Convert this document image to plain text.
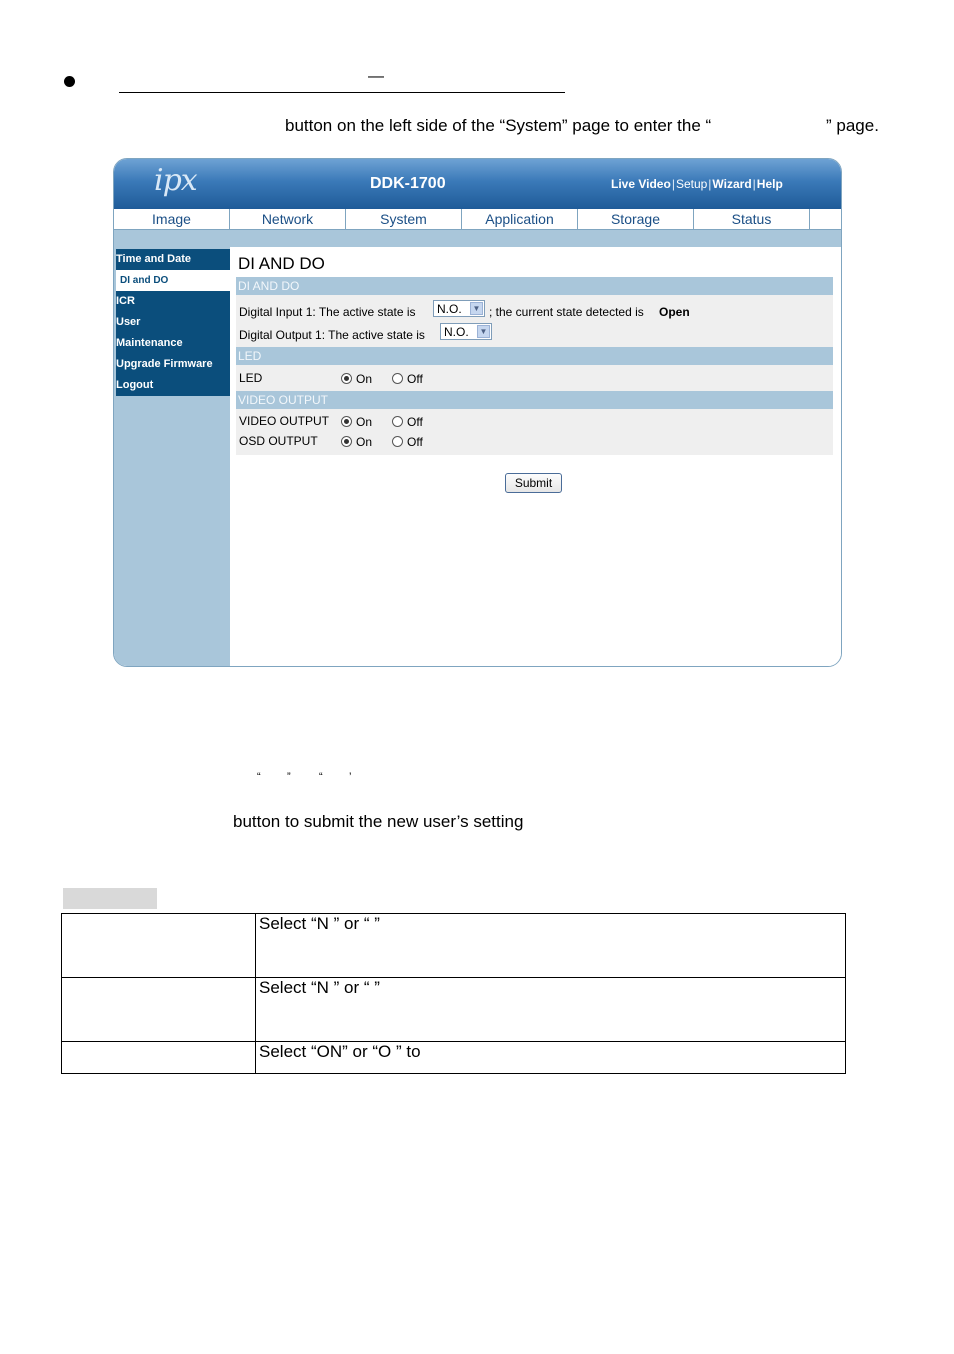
—
button on the left side of the “System” page to enter the “	” page.
ipx	DDK-1700	Live Video|Setup|Wizard|Help
Image	Network	System	Application	Storage	Status
Time and Date
DI and DO
ICR
User
Maintenance
Upgrade Firmware
Logout
DI AND DO
DI AND DO
Digital Input 1: The active state is	N.O.	▼ ; the current state detected is Open
Digital Output 1: The active state is	N.O.	▼
LED
LED	On	Off
VIDEO OUTPUT
VIDEO OUTPUT On	Off
OSD OUTPUT	On	Off
Submit
“ ”	“ ’
button to submit the new user’s setting
	Select “N ” or “ ”
	Select “N ” or “ ”
	Select “ON” or “O ” to
